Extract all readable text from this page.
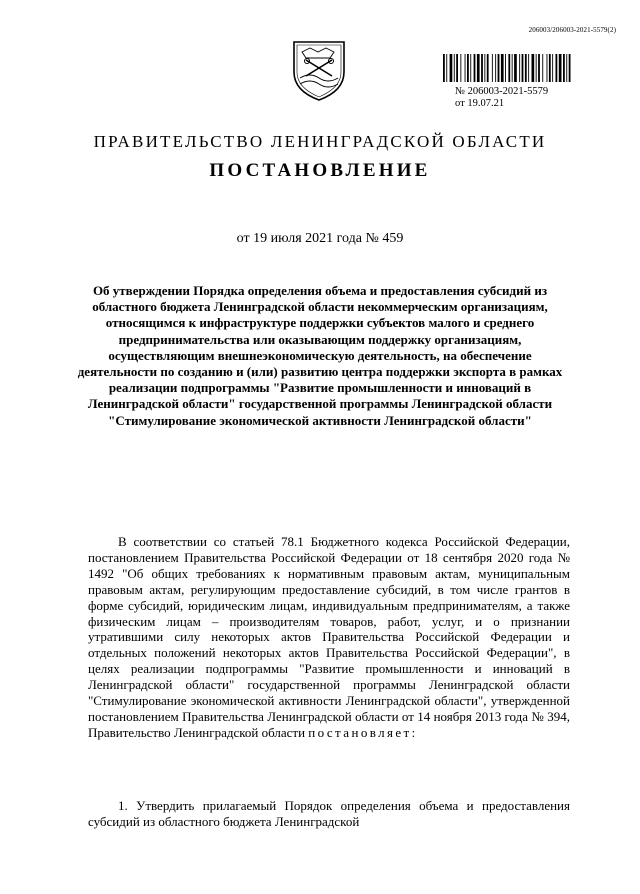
206003/206003-2021-5579(2)
№ 206003-2021-5579
от 19.07.21
ПРАВИТЕЛЬСТВО ЛЕНИНГРАДСКОЙ ОБЛАСТИ
ПОСТАНОВЛЕНИЕ
от 19 июля 2021 года № 459
Об утверждении Порядка определения объема и предоставления субсидий из областного бюджета Ленинградской области некоммерческим организациям, относящимся к инфраструктуре поддержки субъектов малого и среднего предпринимательства или оказывающим поддержку организациям, осуществляющим внешнеэкономическую деятельность, на обеспечение деятельности по созданию и (или) развитию центра поддержки экспорта в рамках реализации подпрограммы "Развитие промышленности и инноваций в Ленинградской области" государственной программы Ленинградской области "Стимулирование экономической активности Ленинградской области"

В соответствии со статьей 78.1 Бюджетного кодекса Российской Федерации, постановлением Правительства Российской Федерации от 18 сентября 2020 года № 1492 "Об общих требованиях к нормативным правовым актам, муниципальным правовым актам, регулирующим предоставление субсидий, в том числе грантов в форме субсидий, юридическим лицам, индивидуальным предпринимателям, а также физическим лицам – производителям товаров, работ, услуг, и о признании утратившими силу некоторых актов Правительства Российской Федерации и отдельных положений некоторых актов Правительства Российской Федерации", в целях реализации подпрограммы "Развитие промышленности и инноваций в Ленинградской области" государственной программы Ленинградской области "Стимулирование экономической активности Ленинградской области", утвержденной постановлением Правительства Ленинградской области от 14 ноября 2013 года № 394, Правительство Ленинградской области постановляет:

1. Утвердить прилагаемый Порядок определения объема и предоставления субсидий из областного бюджета Ленинградской
